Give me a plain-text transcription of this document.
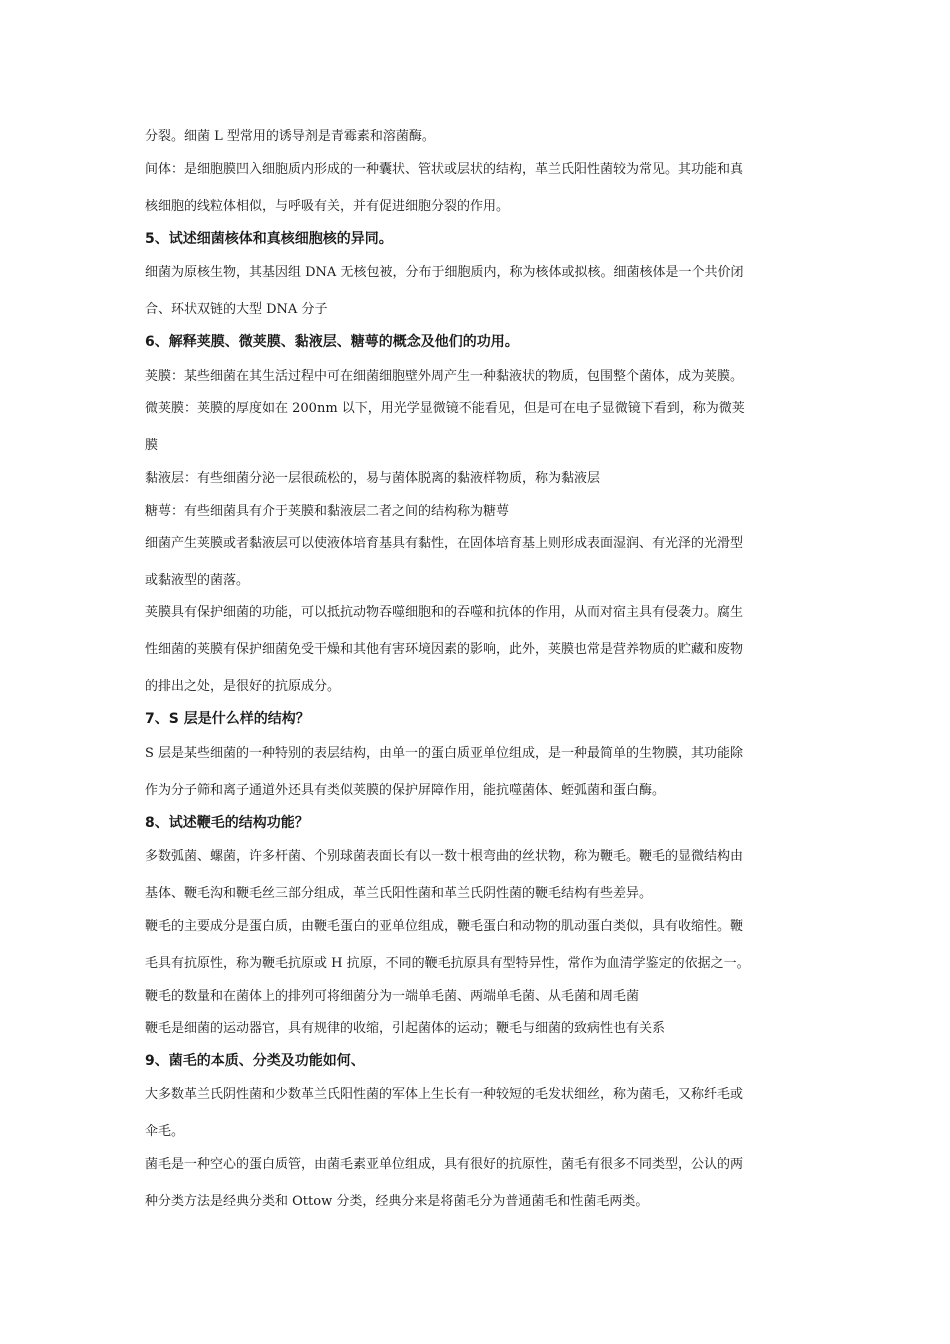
分裂。细菌 L 型常用的诱导剂是青霉素和溶菌酶。
间体：是细胞膜凹入细胞质内形成的一种囊状、管状或层状的结构，革兰氏阳性菌较为常见。其功能和真
核细胞的线粒体相似，与呼吸有关，并有促进细胞分裂的作用。
5、试述细菌核体和真核细胞核的异同。
细菌为原核生物，其基因组 DNA 无核包被，分布于细胞质内，称为核体或拟核。细菌核体是一个共价闭
合、环状双链的大型 DNA 分子
6、解释荚膜、微荚膜、黏液层、糖萼的概念及他们的功用。
荚膜：某些细菌在其生活过程中可在细菌细胞壁外周产生一种黏液状的物质，包围整个菌体，成为荚膜。
微荚膜：荚膜的厚度如在 200nm 以下，用光学显微镜不能看见，但是可在电子显微镜下看到，称为微荚
膜
黏液层：有些细菌分泌一层很疏松的，易与菌体脱离的黏液样物质，称为黏液层
糖萼：有些细菌具有介于荚膜和黏液层二者之间的结构称为糖萼
细菌产生荚膜或者黏液层可以使液体培育基具有黏性，在固体培育基上则形成表面湿润、有光泽的光滑型
或黏液型的菌落。
荚膜具有保护细菌的功能，可以抵抗动物吞噬细胞和的吞噬和抗体的作用，从而对宿主具有侵袭力。腐生
性细菌的荚膜有保护细菌免受干燥和其他有害环境因素的影响，此外，荚膜也常是营养物质的贮藏和废物
的排出之处，是很好的抗原成分。
7、S 层是什么样的结构？
S 层是某些细菌的一种特别的表层结构，由单一的蛋白质亚单位组成，是一种最简单的生物膜，其功能除
作为分子筛和离子通道外还具有类似荚膜的保护屏障作用，能抗噬菌体、蛭弧菌和蛋白酶。
8、试述鞭毛的结构功能？
多数弧菌、螺菌，许多杆菌、个别球菌表面长有以一数十根弯曲的丝状物，称为鞭毛。鞭毛的显微结构由
基体、鞭毛沟和鞭毛丝三部分组成，革兰氏阳性菌和革兰氏阴性菌的鞭毛结构有些差异。
鞭毛的主要成分是蛋白质，由鞭毛蛋白的亚单位组成，鞭毛蛋白和动物的肌动蛋白类似，具有收缩性。鞭
毛具有抗原性，称为鞭毛抗原或 H 抗原，不同的鞭毛抗原具有型特异性，常作为血清学鉴定的依据之一。
鞭毛的数量和在菌体上的排列可将细菌分为一端单毛菌、两端单毛菌、从毛菌和周毛菌
鞭毛是细菌的运动器官，具有规律的收缩，引起菌体的运动；鞭毛与细菌的致病性也有关系
9、菌毛的本质、分类及功能如何、
大多数革兰氏阴性菌和少数革兰氏阳性菌的军体上生长有一种较短的毛发状细丝，称为菌毛，又称纤毛或
伞毛。
菌毛是一种空心的蛋白质管，由菌毛素亚单位组成，具有很好的抗原性，菌毛有很多不同类型，公认的两
种分类方法是经典分类和 Ottow 分类，经典分来是将菌毛分为普通菌毛和性菌毛两类。
